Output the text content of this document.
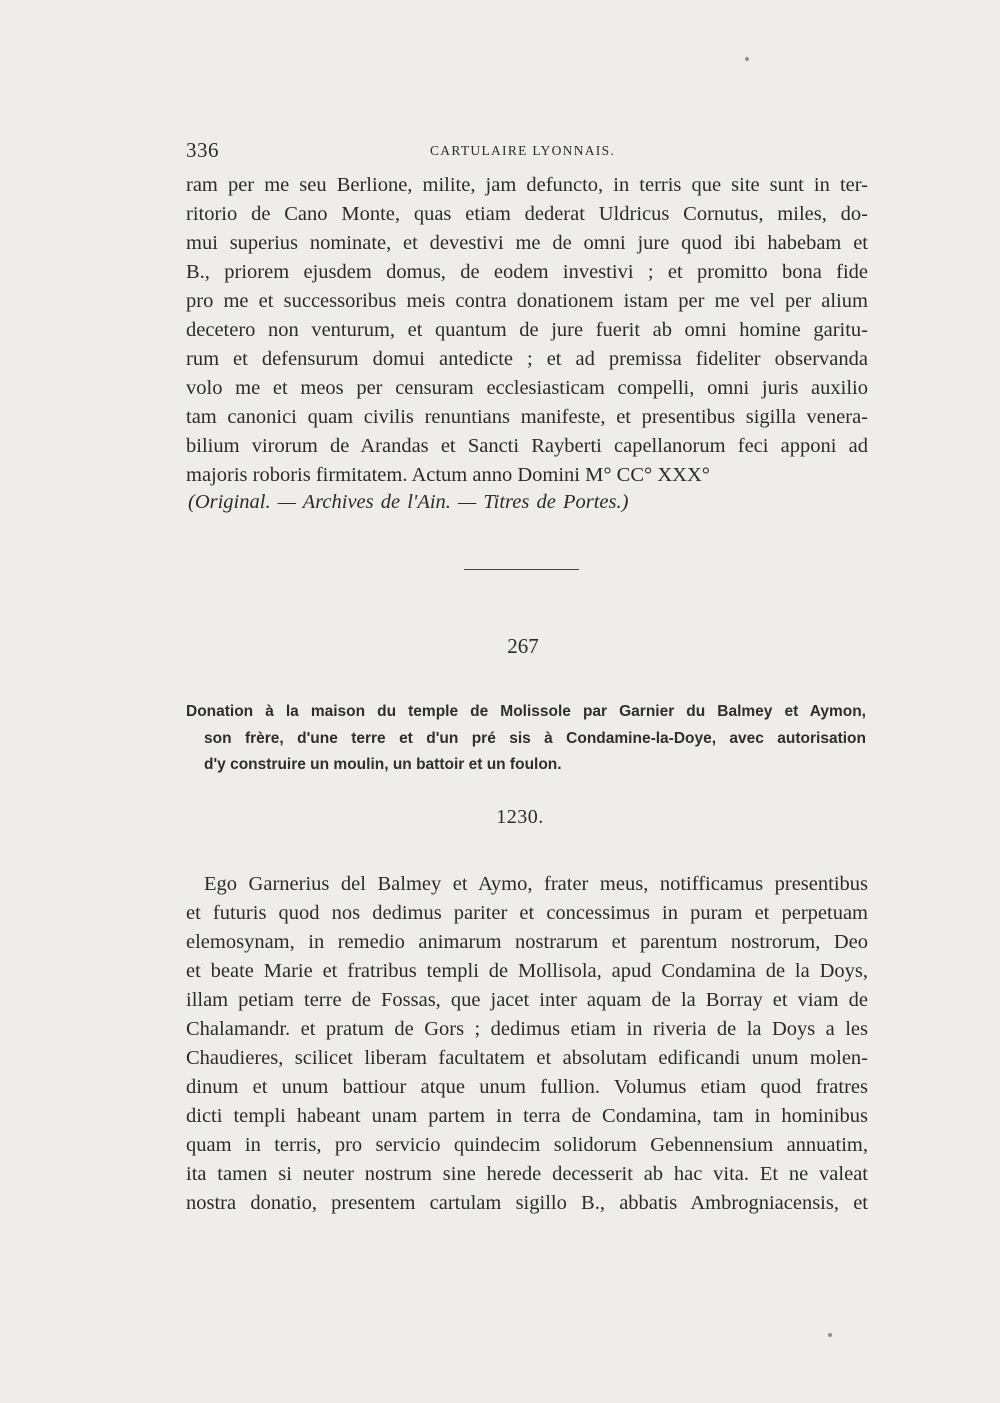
336	CARTULAIRE LYONNAIS.
ram per me seu Berlione, milite, jam defuncto, in terris que site sunt in ter-
ritorio de Cano Monte, quas etiam dederat Uldricus Cornutus, miles, do-
mui superius nominate, et devestivi me de omni jure quod ibi habebam et
B., priorem ejusdem domus, de eodem investivi ; et promitto bona fide
pro me et successoribus meis contra donationem istam per me vel per alium
decetero non venturum, et quantum de jure fuerit ab omni homine garitu-
rum et defensurum domui antedicte ; et ad premissa fideliter observanda
volo me et meos per censuram ecclesiasticam compelli, omni juris auxilio
tam canonici quam civilis renuntians manifeste, et presentibus sigilla venera-
bilium virorum de Arandas et Sancti Rayberti capellanorum feci apponi ad
majoris roboris firmitatem. Actum anno Domini M° CC° XXX°
(Original. — Archives de l'Ain. — Titres de Portes.)
267
Donation à la maison du temple de Molissole par Garnier du Balmey et Aymon,
son frère, d'une terre et d'un pré sis à Condamine-la-Doye, avec autorisation
d'y construire un moulin, un battoir et un foulon.
1230.
Ego Garnerius del Balmey et Aymo, frater meus, notifficamus presentibus
et futuris quod nos dedimus pariter et concessimus in puram et perpetuam
elemosynam, in remedio animarum nostrarum et parentum nostrorum, Deo
et beate Marie et fratribus templi de Mollisola, apud Condamina de la Doys,
illam petiam terre de Fossas, que jacet inter aquam de la Borray et viam de
Chalamandr. et pratum de Gors ; dedimus etiam in riveria de la Doys a les
Chaudieres, scilicet liberam facultatem et absolutam edificandi unum molen-
dinum et unum battiour atque unum fullion. Volumus etiam quod fratres
dicti templi habeant unam partem in terra de Condamina, tam in hominibus
quam in terris, pro servicio quindecim solidorum Gebennensium annuatim,
ita tamen si neuter nostrum sine herede decesserit ab hac vita. Et ne valeat
nostra donatio, presentem cartulam sigillo B., abbatis Ambrogniacensis, et
